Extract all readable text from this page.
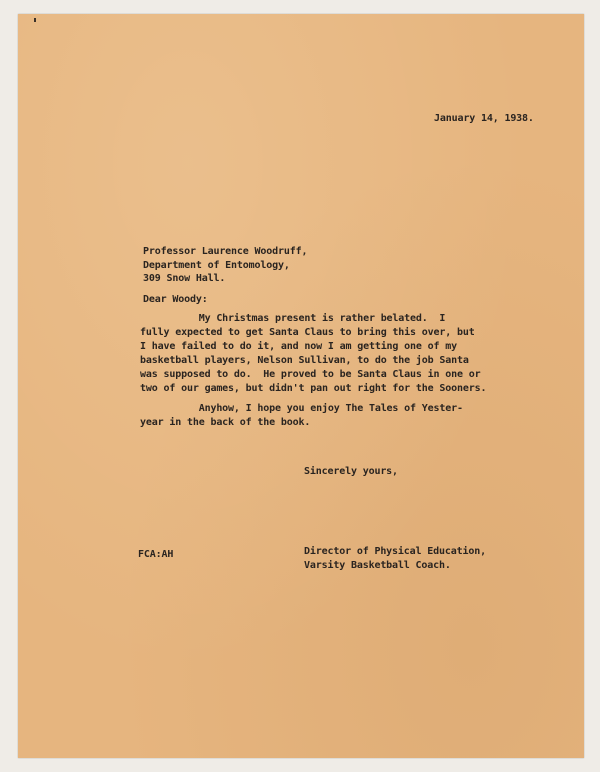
January 14, 1938.
Professor Laurence Woodruff,
Department of Entomology,
309 Snow Hall.
Dear Woody:
My Christmas present is rather belated.  I
fully expected to get Santa Claus to bring this over, but
I have failed to do it, and now I am getting one of my
basketball players, Nelson Sullivan, to do the job Santa
was supposed to do.  He proved to be Santa Claus in one or
two of our games, but didn't pan out right for the Sooners.
Anyhow, I hope you enjoy The Tales of Yester-
year in the back of the book.
Sincerely yours,
FCA:AH	Director of Physical Education,
Varsity Basketball Coach.
